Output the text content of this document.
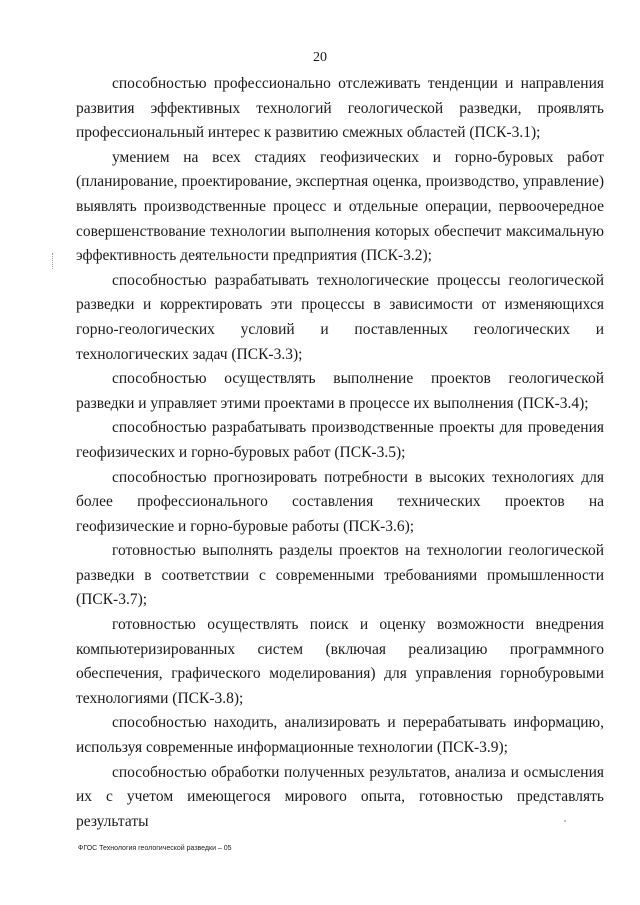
20

способностью профессионально отслеживать тенденции и направления развития эффективных технологий геологической разведки, проявлять профессиональный интерес к развитию смежных областей (ПСК-3.1);

умением на всех стадиях геофизических и горно-буровых работ (планирование, проектирование, экспертная оценка, производство, управление) выявлять производственные процесс и отдельные операции, первоочередное совершенствование технологии выполнения которых обеспечит максимальную эффективность деятельности предприятия (ПСК-3.2);

способностью разрабатывать технологические процессы геологической разведки и корректировать эти процессы в зависимости от изменяющихся горно-геологических условий и поставленных геологических и технологических задач (ПСК-3.3);

способностью осуществлять выполнение проектов геологической разведки и управляет этими проектами в процессе их выполнения (ПСК-3.4);

способностью разрабатывать производственные проекты для проведения геофизических и горно-буровых работ (ПСК-3.5);

способностью прогнозировать потребности в высоких технологиях для более профессионального составления технических проектов на геофизические и горно-буровые работы (ПСК-3.6);

готовностью выполнять разделы проектов на технологии геологической разведки в соответствии с современными требованиями промышленности (ПСК-3.7);

готовностью осуществлять поиск и оценку возможности внедрения компьютеризированных систем (включая реализацию программного обеспечения, графического моделирования) для управления горнобуровыми технологиями (ПСК-3.8);

способностью находить, анализировать и перерабатывать информацию, используя современные информационные технологии (ПСК-3.9);

способностью обработки полученных результатов, анализа и осмысления их с учетом имеющегося мирового опыта, готовностью представлять результаты

ФГОС Технология геологической разведки – 05
